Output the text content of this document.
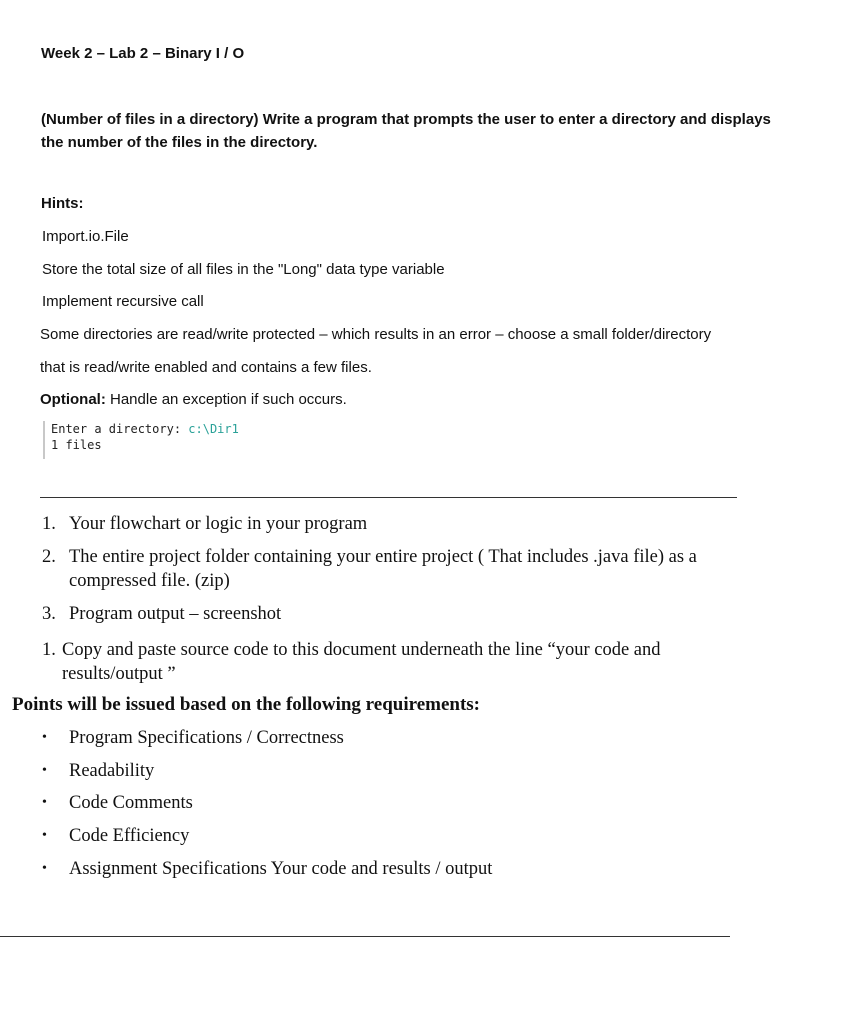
Week 2 – Lab 2 – Binary I / O
(Number of files in a directory) Write a program that prompts the user to enter a directory and displays the number of the files in the directory.
Hints:
Import.io.File
Store the total size of all files in the "Long" data type variable
Implement recursive call
Some directories are read/write protected – which results in an error – choose a small folder/directory
that is read/write enabled and contains a few files.
Optional: Handle an exception if such occurs.
Enter a directory: c:\Dir1
1 files
1. Your flowchart or logic in your program
2. The entire project folder containing your entire project ( That includes .java file) as a compressed file. (zip)
3. Program output – screenshot
1. Copy and paste source code to this document underneath the line “your code and results/output ”
Points will be issued based on the following requirements:
• Program Specifications / Correctness
• Readability
• Code Comments
• Code Efficiency
• Assignment Specifications Your code and results / output
